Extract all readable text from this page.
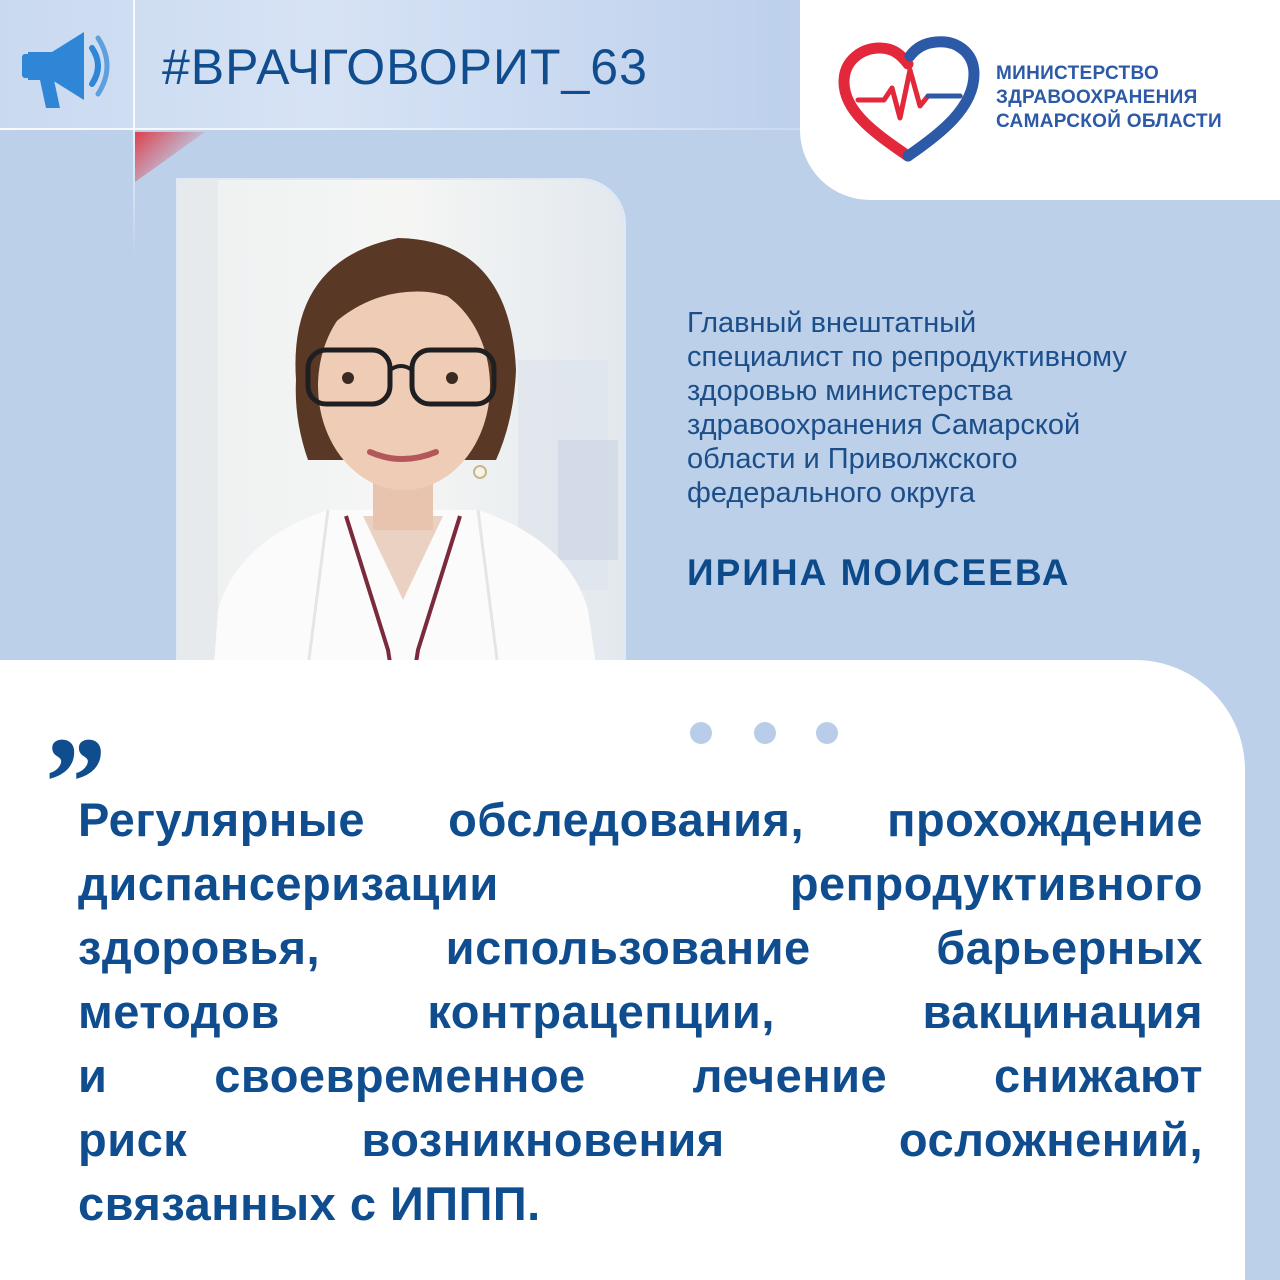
#ВРАЧГОВОРИТ_63	МИНИСТЕРСТВО
ЗДРАВООХРАНЕНИЯ
САМАРСКОЙ ОБЛАСТИ
Главный внештатный
специалист по репродуктивному
здоровью министерства
здравоохранения Самарской
области и Приволжского
федерального округа
ИРИНА МОИСЕЕВА
”
Регулярные обследования, прохождение
диспансеризации	репродуктивного
здоровья,	использование	барьерных
методов	контрацепции,	вакцинация
и своевременное лечение снижают
риск	возникновения	осложнений,
связанных с ИППП.
